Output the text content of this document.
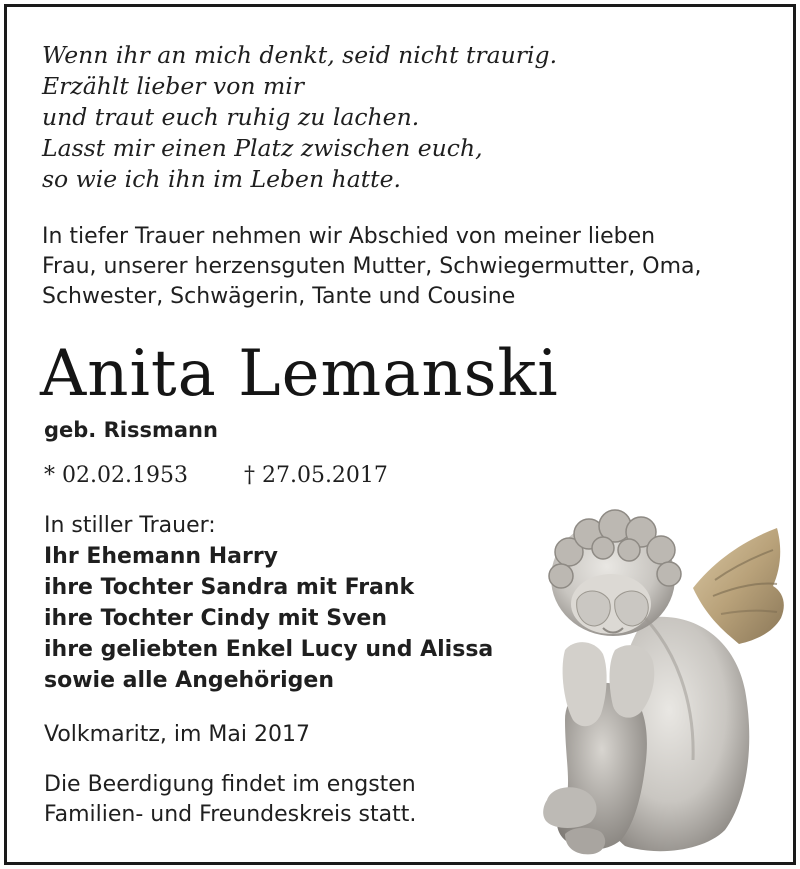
Wenn ihr an mich denkt, seid nicht traurig.
Erzählt lieber von mir
und traut euch ruhig zu lachen.
Lasst mir einen Platz zwischen euch,
so wie ich ihn im Leben hatte.
In tiefer Trauer nehmen wir Abschied von meiner lieben
Frau, unserer herzensguten Mutter, Schwiegermutter, Oma,
Schwester, Schwägerin, Tante und Cousine
Anita Lemanski
geb. Rissmann
* 02.02.1953	† 27.05.2017
In stiller Trauer:
Ihr Ehemann Harry
ihre Tochter Sandra mit Frank
ihre Tochter Cindy mit Sven
ihre geliebten Enkel Lucy und Alissa
sowie alle Angehörigen
Volkmaritz, im Mai 2017
Die Beerdigung findet im engsten
Familien- und Freundeskreis statt.
